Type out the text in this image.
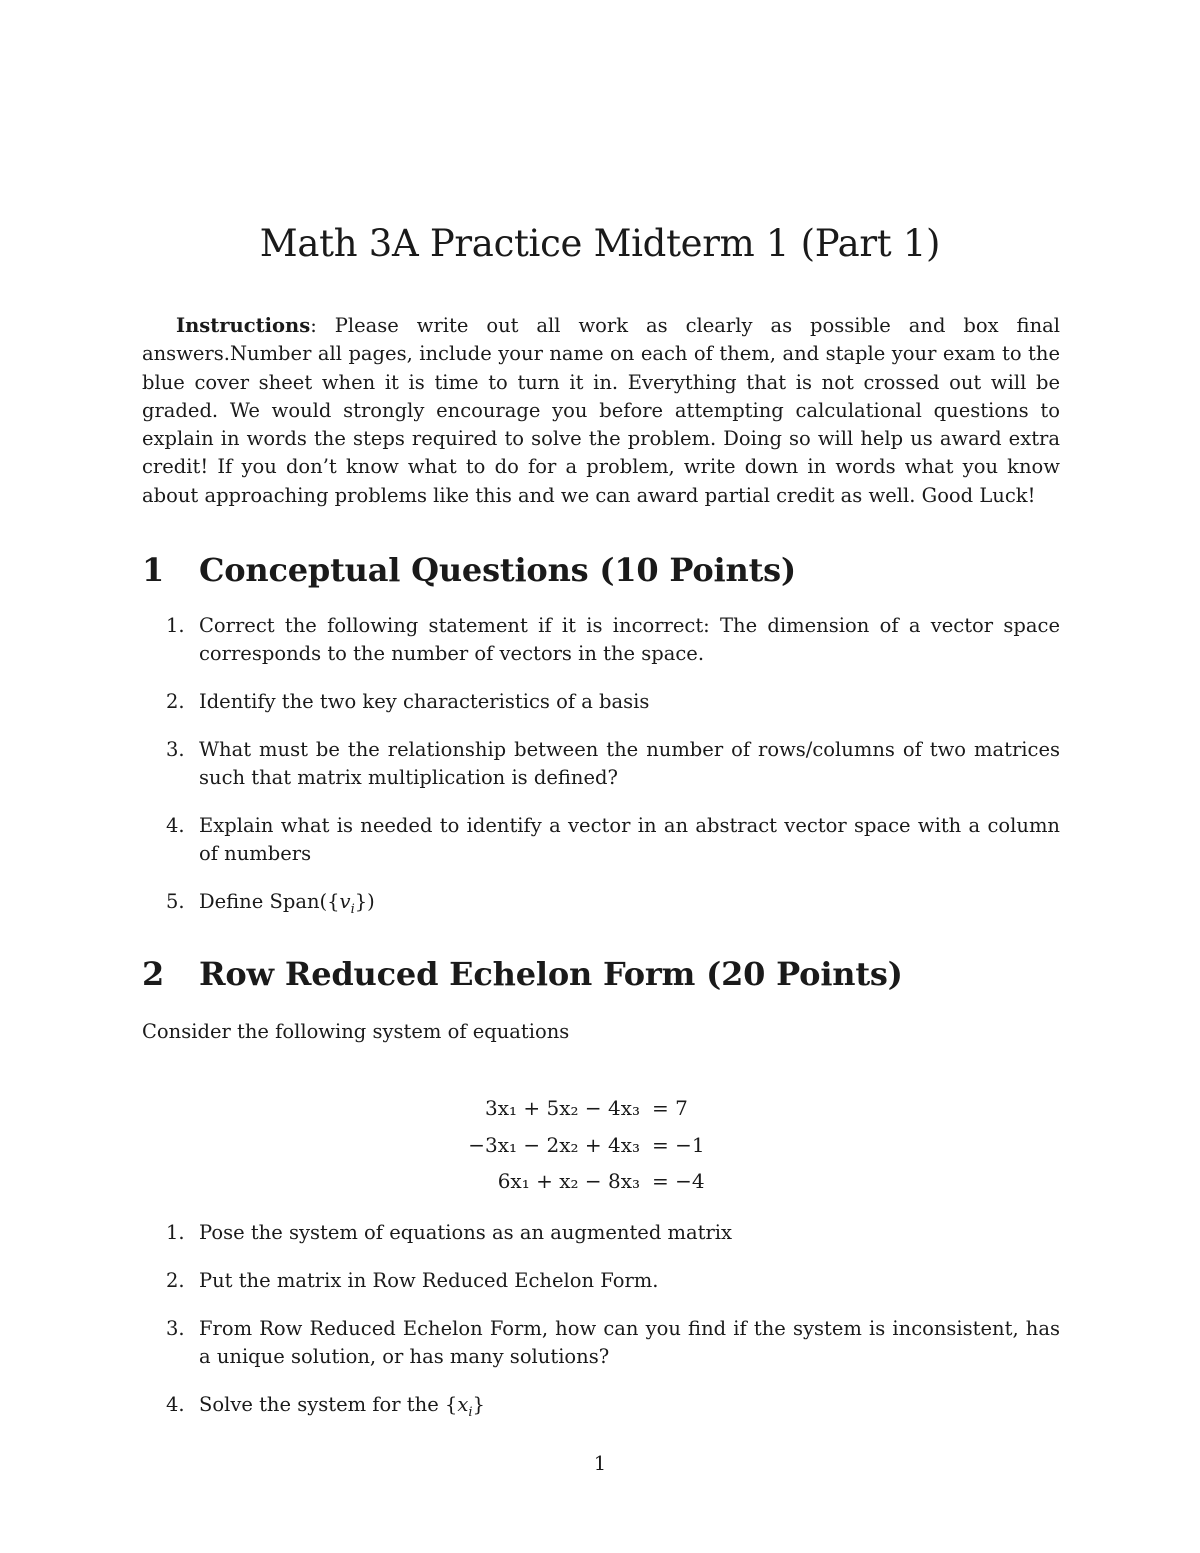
Math 3A Practice Midterm 1 (Part 1)
Instructions: Please write out all work as clearly as possible and box final answers.Number all pages, include your name on each of them, and staple your exam to the blue cover sheet when it is time to turn it in. Everything that is not crossed out will be graded. We would strongly encourage you before attempting calculational questions to explain in words the steps required to solve the problem. Doing so will help us award extra credit! If you don’t know what to do for a problem, write down in words what you know about approaching problems like this and we can award partial credit as well. Good Luck!
1 Conceptual Questions (10 Points)
1. Correct the following statement if it is incorrect: The dimension of a vector space corresponds to the number of vectors in the space.
2. Identify the two key characteristics of a basis
3. What must be the relationship between the number of rows/columns of two matrices such that matrix multiplication is defined?
4. Explain what is needed to identify a vector in an abstract vector space with a column of numbers
5. Define $Span(\{v_i\})$
2 Row Reduced Echelon Form (20 Points)
Consider the following system of equations
3x₁ + 5x₂ − 4x₃ = 7
−3x₁ − 2x₂ + 4x₃ = −1
6x₁ + x₂ − 8x₃ = −4
1. Pose the system of equations as an augmented matrix
2. Put the matrix in Row Reduced Echelon Form.
3. From Row Reduced Echelon Form, how can you find if the system is inconsistent, has a unique solution, or has many solutions?
4. Solve the system for the $\{x_i\}$
1
